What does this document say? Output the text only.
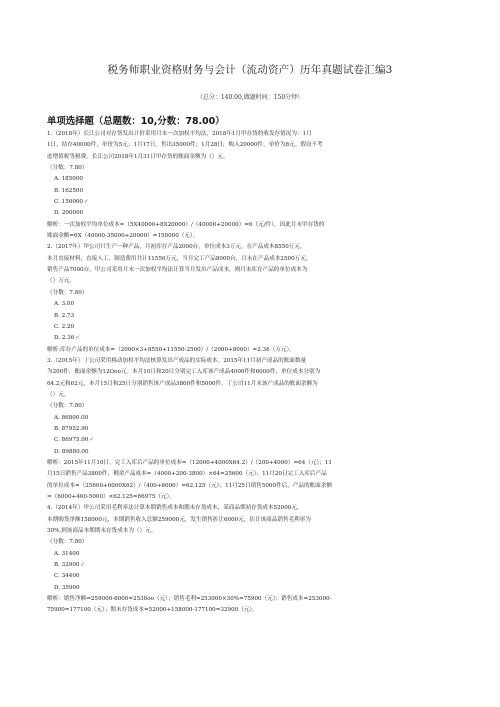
税务师职业资格财务与会计（流动资产）历年真题试卷汇编3
（总分：140.00,做题时间：150分钟）
单项选择题（总题数：10,分数：78.00）
1.（2018年）长江公司对存货发出计价采用月末一次加权平均法，2018年1月甲存货的收发存情况为：1月
1日，结存40000件，单价为5元；1月17日，售出35000件；1月28日，购入20000件，单价为8元。假设不考
虑增值税等税费，长江公司2018年1月31日甲存货的账面金额为（）元。
（分数：7.80）
A. 185000
B. 162500
C. 150000✓
D. 200000
解析：一次加权平均单位成本=（5X40000+8X20000）/（40000+20000）=6（元/件），因此月末甲存货的
账面金额=6X（40000-35000+20000）=150000（元）。
2.（2017年）甲公司只生产一种产品，月初库存产品2000台，单位成本3万元，在产品成本8550万元，
本月直接材料，直接人工、制造费用共计11550万元，当月完工产品8000台，月末在产品成本2500万元，
销售产品7000台。甲公司采用月末一次加权平均法计算当月发出产品成本，则月末库存产品的单位成本为
（）万元。
（分数：7.80）
A. 3.00
B. 2.73
C. 2.20
D. 2.36✓
解析:库存产品的单位成本=（2000×3+8550+11550-2500）/（2000+8000）=2.36（万元）。
3.（2015年）丁公司采用移动加权平均法核算发出产成品的实际成本。2015年11月初产成品的账面数量
为200件，账面余额为12Ooo元。本月10日和20日分别完工入库该产成品4000件和6000件，单位成本分别为
64.2元和62元，本月15日和25日分别销售该产成品3800件和5000件。丁公司11月末该产成品的账面余额为
（）元。
（分数：7.80）
A. 86800.00
B. 87952.90
C. 86975.00✓
D. 89880.00
解析：2015年11月10日，完工入库后产品的单位成本=（12000+4000X64.2）/（200+4000）=64（元）；11
月15日销售产品3800件，剩余产品成本=（4000+200-3800）×64=25600（元）；11月20日完工入库后产品
的单位成本=（25600+6000X62）/（400+6000）=62.125（元）；11月25日销售5000件后，产品的账面余额
=（6000+400-5000）×62.125=86975（元）。
4.（2014年）甲公司采用毛利率法计算本期销售成本和期末存货成本，某商品期初存货成本52000元，
本期购货净额158000元，本期销售收入总额259000元，发生销售折让6000元，估计该商品销售毛利率为
30%,则该商品本期期末存货成本为（）元。
（分数：7.80）
A. 31400
B. 32900✓
C. 34400
D. 35900
解析：销售净额=259000-6000=2530oo（元）；销售毛利=253000×30%=75900（元）；销售成本=253000-
75900=177100（元）；期末存货成本=52000+158000-177100=32900（元）。
